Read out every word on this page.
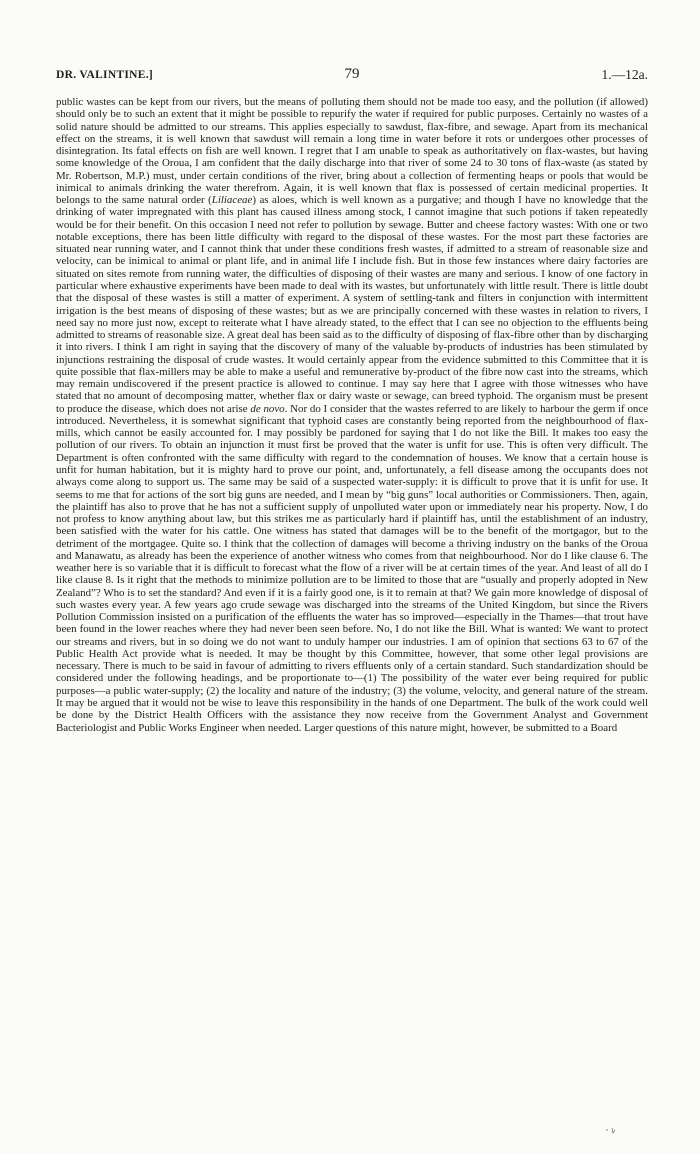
DR. VALINTINE.]	79	1.—12a.

public wastes can be kept from our rivers, but the means of polluting them should not be made too easy, and the pollution (if allowed) should only be to such an extent that it might be possible to repurify the water if required for public purposes. Certainly no wastes of a solid nature should be admitted to our streams. This applies especially to sawdust, flax-fibre, and sewage. Apart from its mechanical effect on the streams, it is well known that sawdust will remain a long time in water before it rots or undergoes other processes of disintegration. Its fatal effects on fish are well known. I regret that I am unable to speak as authoritatively on flax-wastes, but having some knowledge of the Oroua, I am confident that the daily discharge into that river of some 24 to 30 tons of flax-waste (as stated by Mr. Robertson, M.P.) must, under certain conditions of the river, bring about a collection of fermenting heaps or pools that would be inimical to animals drinking the water therefrom. Again, it is well known that flax is possessed of certain medicinal properties. It belongs to the same natural order (Liliaceae) as aloes, which is well known as a purgative; and though I have no knowledge that the drinking of water impregnated with this plant has caused illness among stock, I cannot imagine that such potions if taken repeatedly would be for their benefit. On this occasion I need not refer to pollution by sewage. Butter and cheese factory wastes: With one or two notable exceptions, there has been little difficulty with regard to the disposal of these wastes. For the most part these factories are situated near running water, and I cannot think that under these conditions fresh wastes, if admitted to a stream of reasonable size and velocity, can be inimical to animal or plant life, and in animal life I include fish. But in those few instances where dairy factories are situated on sites remote from running water, the difficulties of disposing of their wastes are many and serious. I know of one factory in particular where exhaustive experiments have been made to deal with its wastes, but unfortunately with little result. There is little doubt that the disposal of these wastes is still a matter of experiment. A system of settling-tank and filters in conjunction with intermittent irrigation is the best means of disposing of these wastes; but as we are principally concerned with these wastes in relation to rivers, I need say no more just now, except to reiterate what I have already stated, to the effect that I can see no objection to the effluents being admitted to streams of reasonable size. A great deal has been said as to the difficulty of disposing of flax-fibre other than by discharging it into rivers. I think I am right in saying that the discovery of many of the valuable by-products of industries has been stimulated by injunctions restraining the disposal of crude wastes. It would certainly appear from the evidence submitted to this Committee that it is quite possible that flax-millers may be able to make a useful and remunerative by-product of the fibre now cast into the streams, which may remain undiscovered if the present practice is allowed to continue. I may say here that I agree with those witnesses who have stated that no amount of decomposing matter, whether flax or dairy waste or sewage, can breed typhoid. The organism must be present to produce the disease, which does not arise de novo. Nor do I consider that the wastes referred to are likely to harbour the germ if once introduced. Nevertheless, it is somewhat significant that typhoid cases are constantly being reported from the neighbourhood of flax-mills, which cannot be easily accounted for. I may possibly be pardoned for saying that I do not like the Bill. It makes too easy the pollution of our rivers. To obtain an injunction it must first be proved that the water is unfit for use. This is often very difficult. The Department is often confronted with the same difficulty with regard to the condemnation of houses. We know that a certain house is unfit for human habitation, but it is mighty hard to prove our point, and, unfortunately, a fell disease among the occupants does not always come along to support us. The same may be said of a suspected water-supply: it is difficult to prove that it is unfit for use. It seems to me that for actions of the sort big guns are needed, and I mean by “big guns” local authorities or Commissioners. Then, again, the plaintiff has also to prove that he has not a sufficient supply of unpolluted water upon or immediately near his property. Now, I do not profess to know anything about law, but this strikes me as particularly hard if plaintiff has, until the establishment of an industry, been satisfied with the water for his cattle. One witness has stated that damages will be to the benefit of the mortgagor, but to the detriment of the mortgagee. Quite so. I think that the collection of damages will become a thriving industry on the banks of the Oroua and Manawatu, as already has been the experience of another witness who comes from that neighbourhood. Nor do I like clause 6. The weather here is so variable that it is difficult to forecast what the flow of a river will be at certain times of the year. And least of all do I like clause 8. Is it right that the methods to minimize pollution are to be limited to those that are “usually and properly adopted in New Zealand”? Who is to set the standard? And even if it is a fairly good one, is it to remain at that? We gain more knowledge of disposal of such wastes every year. A few years ago crude sewage was discharged into the streams of the United Kingdom, but since the Rivers Pollution Commission insisted on a purification of the effluents the water has so improved—especially in the Thames—that trout have been found in the lower reaches where they had never been seen before. No, I do not like the Bill. What is wanted: We want to protect our streams and rivers, but in so doing we do not want to unduly hamper our industries. I am of opinion that sections 63 to 67 of the Public Health Act provide what is needed. It may be thought by this Committee, however, that some other legal provisions are necessary. There is much to be said in favour of admitting to rivers effluents only of a certain standard. Such standardization should be considered under the following headings, and be proportionate to—(1) The possibility of the water ever being required for public purposes—a public water-supply; (2) the locality and nature of the industry; (3) the volume, velocity, and general nature of the stream. It may be argued that it would not be wise to leave this responsibility in the hands of one Department. The bulk of the work could well be done by the District Health Officers with the assistance they now receive from the Government Analyst and Government Bacteriologist and Public Works Engineer when needed. Larger questions of this nature might, however, be submitted to a Board
